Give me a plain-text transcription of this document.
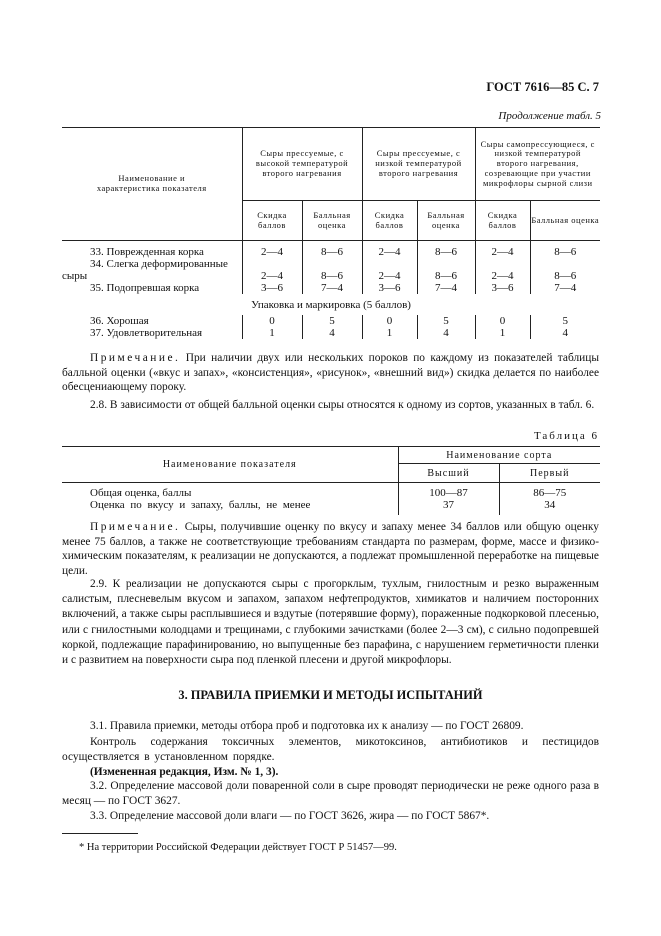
ГОСТ 7616—85 С. 7
Продолжение табл. 5
Наименование и характеристика показателя	Сыры прессуемые, с высокой температурой второго нагревания		Сыры прессуемые, с низкой температурой второго нагревания		Сыры самопрессующиеся, с низкой температурой второго нагревания, созревающие при участии микрофлоры сырной слизи	

	Скидка баллов	Балльная оценка	Скидка баллов	Балльная оценка	Скидка баллов	Балльная оценка

33. Поврежденная корка	2—4	8—6	2—4	8—6	2—4	8—6
34. Слегка деформированные						
сыры	2—4	8—6	2—4	8—6	2—4	8—6
35. Подопревшая корка	3—6	7—4	3—6	7—4	3—6	7—4
Упаковка и маркировка (5 баллов)						
36. Хорошая	0	5	0	5	0	5
37. Удовлетворительная	1	4	1	4	1	4

Примечание. При наличии двух или нескольких пороков по каждому из показателей таблицы балльной оценки («вкус и запах», «консистенция», «рисунок», «внешний вид») скидка делается по наиболее обесцениающему пороку.

2.8. В зависимости от общей балльной оценки сыры относятся к одному из сортов, указанных в табл. 6.

Таблица 6
Наименование показателя	Наименование сорта	
	Высший	Первый

Общая оценка, баллы	100—87	86—75
Оценка по вкусу и запаху, баллы, не менее	37	34

Примечание. Сыры, получившие оценку по вкусу и запаху менее 34 баллов или общую оценку менее 75 баллов, а также не соответствующие требованиям стандарта по размерам, форме, массе и физико-химическим показателям, к реализации не допускаются, а подлежат промышленной переработке на пищевые цели.

2.9. К реализации не допускаются сыры с прогорклым, тухлым, гнилостным и резко выраженным салистым, плесневелым вкусом и запахом, запахом нефтепродуктов, химикатов и наличием посторонних включений, а также сыры расплывшиеся и вздутые (потерявшие форму), пораженные подкорковой плесенью, или с гнилостными колодцами и трещинами, с глубокими зачистками (более 2—3 см), с сильно подопревшей коркой, подлежащие парафинированию, но выпущенные без парафина, с нарушением герметичности пленки и с развитием на поверхности сыра под пленкой плесени и другой микрофлоры.

3. ПРАВИЛА ПРИЕМКИ И МЕТОДЫ ИСПЫТАНИЙ

3.1. Правила приемки, методы отбора проб и подготовка их к анализу — по ГОСТ 26809.

Контроль содержания токсичных элементов, микотоксинов, антибиотиков и пестицидов осуществляется в установленном порядке.

(Измененная редакция, Изм. № 1, 3).

3.2. Определение массовой доли поваренной соли в сыре проводят периодически не реже одного раза в месяц — по ГОСТ 3627.

3.3. Определение массовой доли влаги — по ГОСТ 3626, жира — по ГОСТ 5867*.

* На территории Российской Федерации действует ГОСТ Р 51457—99.
